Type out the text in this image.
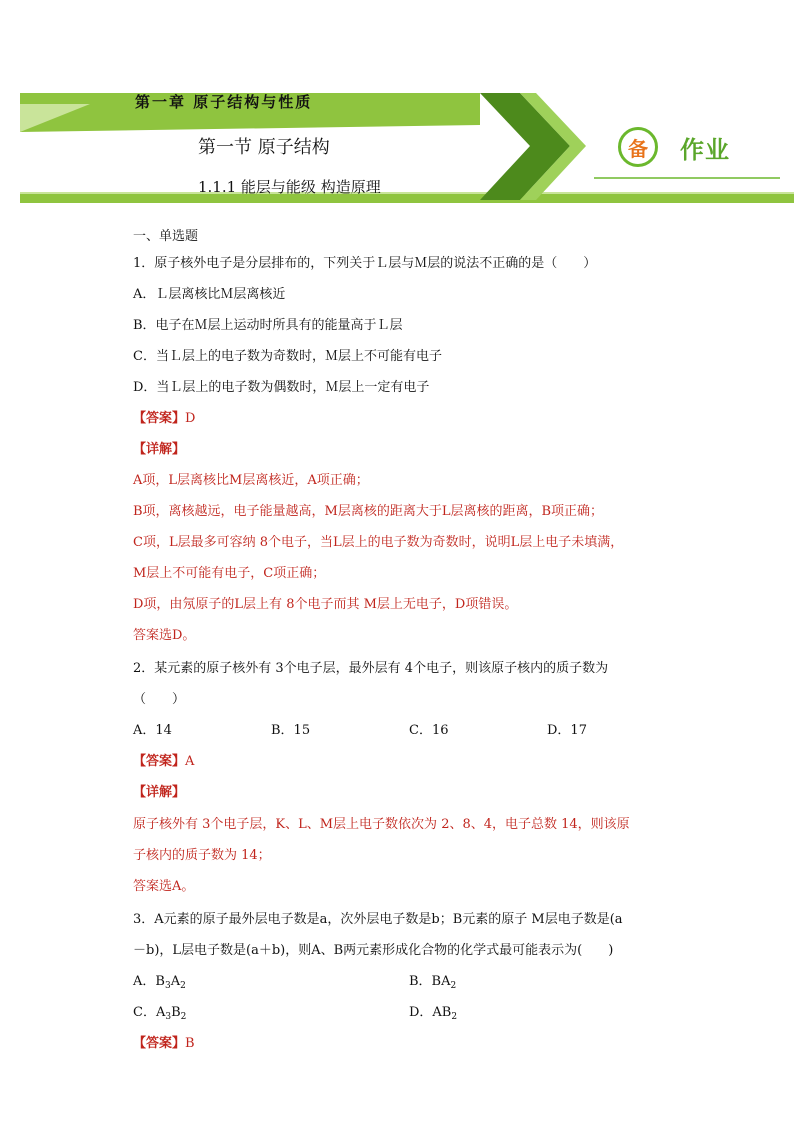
第一章 原子结构与性质
第一节 原子结构
1.1.1 能层与能级 构造原理
备	作业
一、单选题
1．原子核外电子是分层排布的，下列关于Ｌ层与Ｍ层的说法不正确的是（　　）
A．Ｌ层离核比Ｍ层离核近
B．电子在Ｍ层上运动时所具有的能量高于Ｌ层
C．当Ｌ层上的电子数为奇数时，Ｍ层上不可能有电子
D．当Ｌ层上的电子数为偶数时，Ｍ层上一定有电子
【答案】D
【详解】
A项，L层离核比M层离核近，A项正确；
B项，离核越远，电子能量越高，M层离核的距离大于L层离核的距离，B项正确；
C项，L层最多可容纳 8个电子，当L层上的电子数为奇数时，说明L层上电子未填满，
M层上不可能有电子，C项正确；
D项，由氖原子的L层上有 8个电子而其 M层上无电子，D项错误。
答案选D。
2．某元素的原子核外有 3个电子层，最外层有 4个电子，则该原子核内的质子数为
（　　）
A．14	B．15	C．16	D．17
【答案】A
【详解】
原子核外有 3个电子层，K、L、M层上电子数依次为 2、8、4，电子总数 14，则该原
子核内的质子数为 14；
答案选A。
3．A元素的原子最外层电子数是a，次外层电子数是b；B元素的原子 M层电子数是(a
－b)，L层电子数是(a＋b)，则A、B两元素形成化合物的化学式最可能表示为(　　)
A．$B_3A_2$	B．$BA_2$
C．$A_3B_2$	D．$AB_2$
【答案】B
